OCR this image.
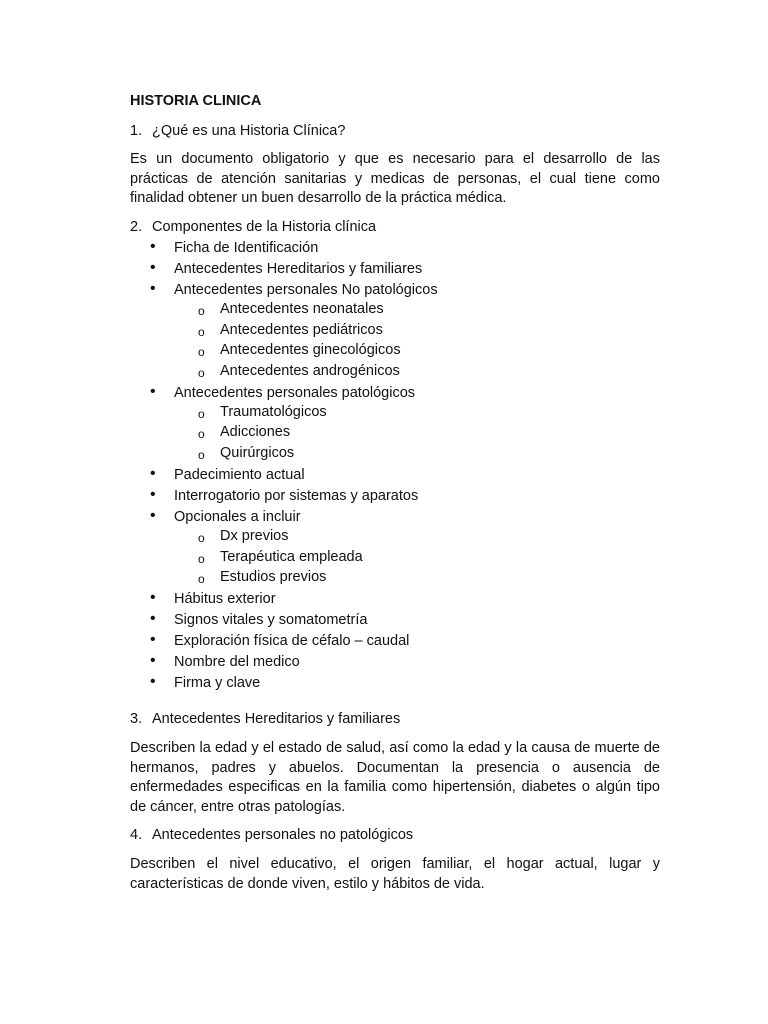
HISTORIA CLINICA
1. ¿Qué es una Historia Clínica?
Es un documento obligatorio y que es necesario para el desarrollo de las prácticas de atención sanitarias y medicas de personas, el cual tiene como finalidad obtener un buen desarrollo de la práctica médica.
2. Componentes de la Historia clínica
• Ficha de Identificación
• Antecedentes Hereditarios y familiares
• Antecedentes personales No patológicos
o Antecedentes neonatales
o Antecedentes pediátricos
o Antecedentes ginecológicos
o Antecedentes androgénicos
• Antecedentes personales patológicos
o Traumatológicos
o Adicciones
o Quirúrgicos
• Padecimiento actual
• Interrogatorio por sistemas y aparatos
• Opcionales a incluir
o Dx previos
o Terapéutica empleada
o Estudios previos
• Hábitus exterior
• Signos vitales y somatometría
• Exploración física de céfalo – caudal
• Nombre del medico
• Firma y clave
3. Antecedentes Hereditarios y familiares
Describen la edad y el estado de salud, así como la edad y la causa de muerte de hermanos, padres y abuelos. Documentan la presencia o ausencia de enfermedades especificas en la familia como hipertensión, diabetes o algún tipo de cáncer, entre otras patologías.
4. Antecedentes personales no patológicos
Describen el nivel educativo, el origen familiar, el hogar actual, lugar y características de donde viven, estilo y hábitos de vida.
